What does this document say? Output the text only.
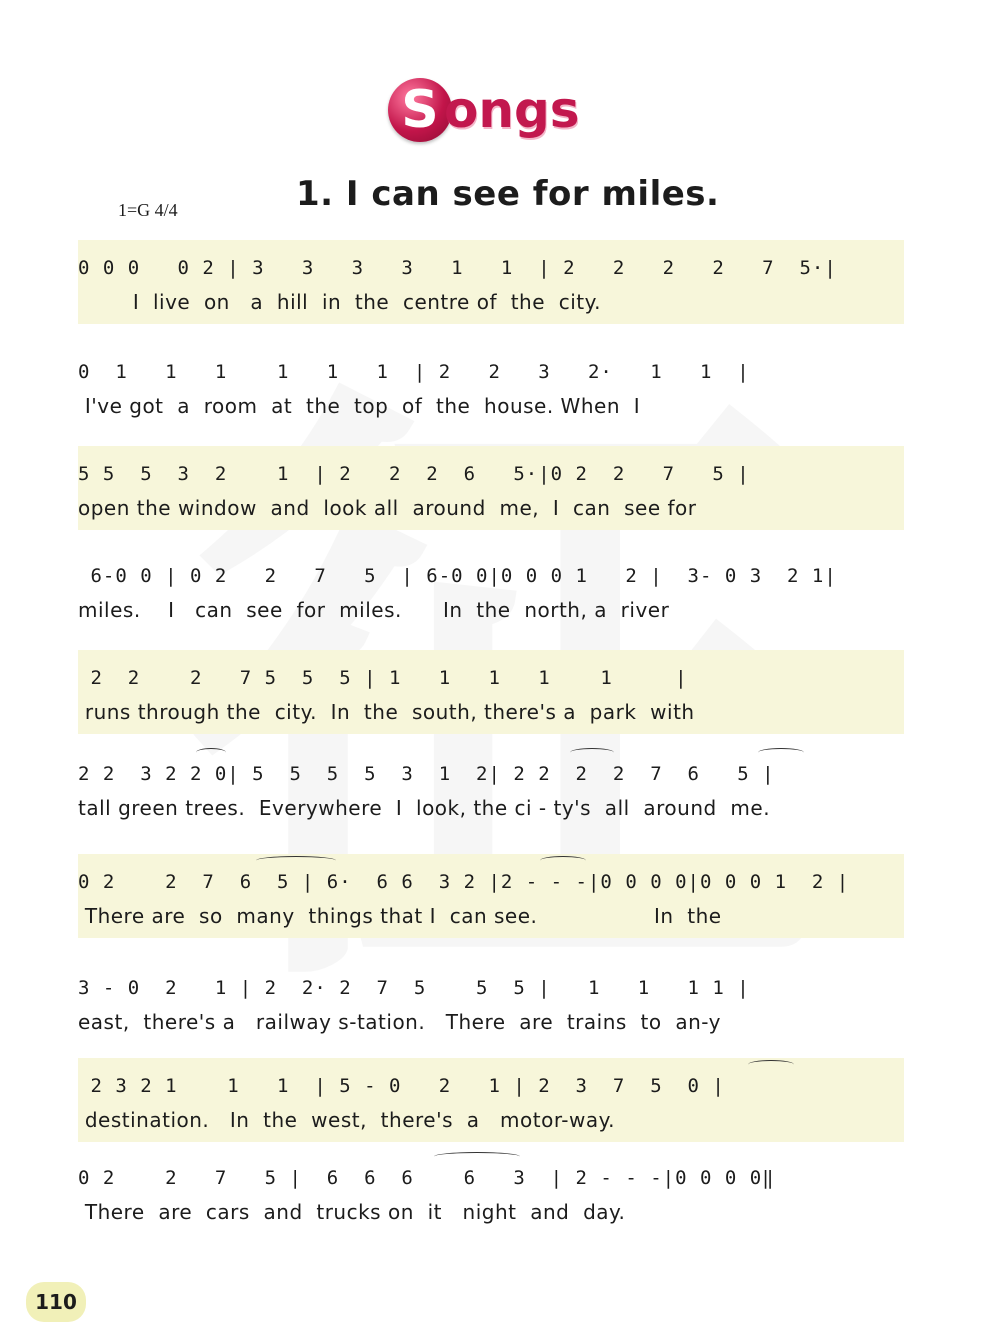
S ongs
1=G 4/4	1. I can see for miles.
0 0 0   0 2 | 3   3   3   3   1   1  | 2   2   2   2   7  5·|
I  live  on   a  hill  in  the  centre of  the  city.
0  1   1   1    1   1   1  | 2   2   3   2·   1   1  |
I've got  a  room  at  the  top  of  the  house. When  I
5 5  5  3  2    1  | 2   2  2  6   5·|0 2  2   7   5 |
open the window  and  look all  around  me,  I  can  see for
6-0 0 | 0 2   2   7   5  | 6-0 0|0 0 0 1   2 |  3- 0 3  2 1|
miles.    I   can  see  for  miles.      In  the  north, a  river
2  2    2   7 5  5  5 | 1   1   1   1    1     |
runs through the  city.  In  the  south, there's a  park  with
2 2  3 2 2 0| 5  5  5  5  3  1  2| 2 2  2  2  7  6   5 |
tall green trees.  Everywhere  I  look, the ci - ty's  all  around  me.
0 2    2  7  6  5 | 6·  6 6  3 2 |2 - - -|0 0 0 0|0 0 0 1  2 |
There are  so  many  things that I  can see.                 In  the
3 - 0  2   1 | 2  2· 2  7  5    5  5 |   1   1   1 1 |
east,  there's a   railway s-tation.   There  are  trains  to  an-y
2 3 2 1    1   1  | 5 - 0   2   1 | 2  3  7  5  0 |
destination.   In  the  west,  there's  a   motor-way.
0 2    2   7   5 |  6  6  6    6   3  | 2 - - -|0 0 0 0‖
There  are  cars  and  trucks on  it   night  and  day.
110
